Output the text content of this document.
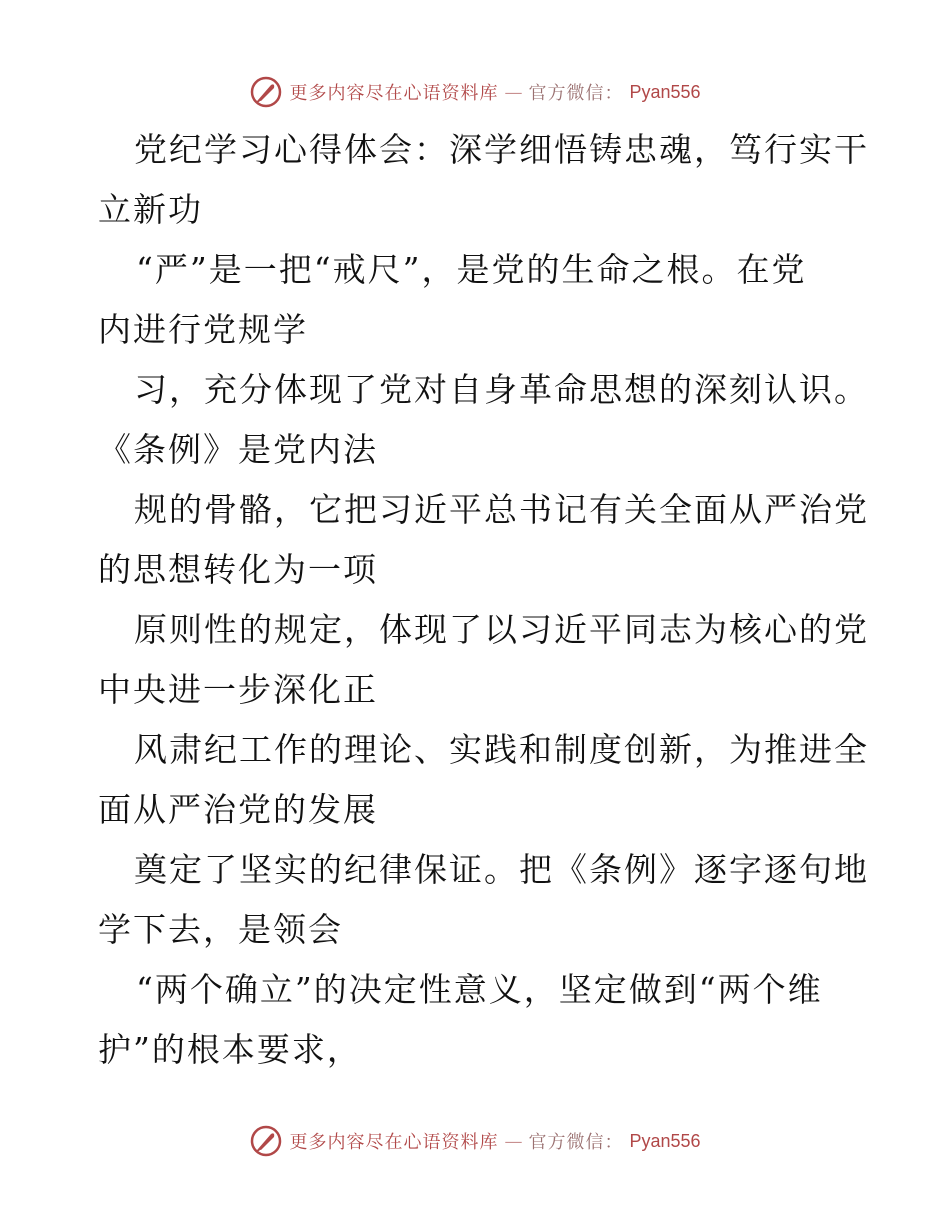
更多内容尽在心语资料库 — 官方微信： Pyan556
党纪学习心得体会：深学细悟铸忠魂，笃行实干
立新功
“严”是一把“戒尺”，是党的生命之根。在党
内进行党规学
习，充分体现了党对自身革命思想的深刻认识。
《条例》是党内法
规的骨骼，它把习近平总书记有关全面从严治党
的思想转化为一项
原则性的规定，体现了以习近平同志为核心的党
中央进一步深化正
风肃纪工作的理论、实践和制度创新，为推进全
面从严治党的发展
奠定了坚实的纪律保证。把《条例》逐字逐句地
学下去，是领会
“两个确立”的决定性意义，坚定做到“两个维
护”的根本要求，
更多内容尽在心语资料库 — 官方微信： Pyan556
